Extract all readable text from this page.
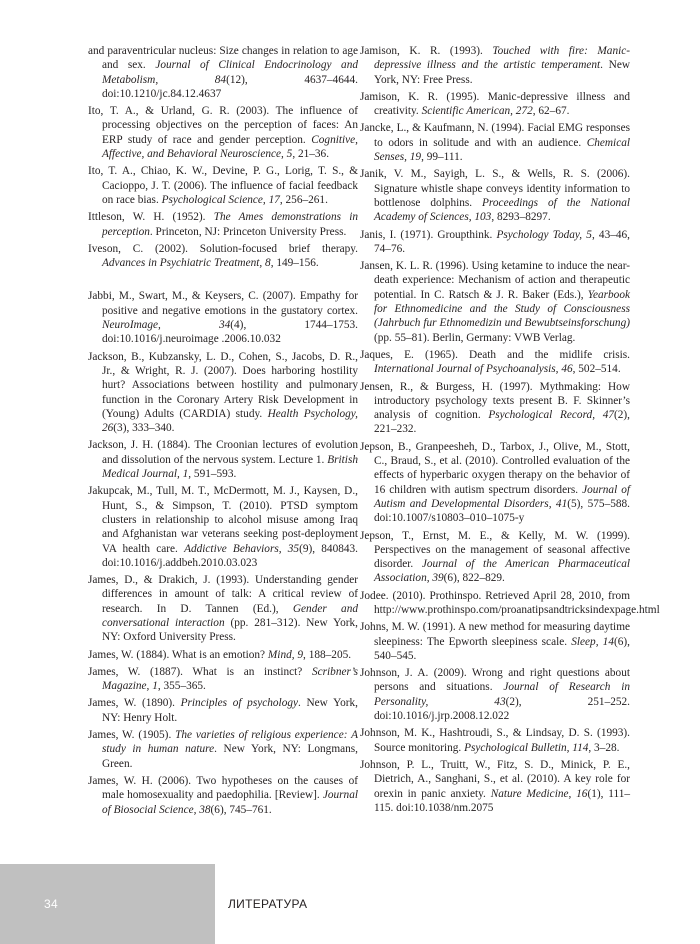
and paraventricular nucleus: Size changes in relation to age and sex. Journal of Clinical Endocrinology and Metabolism, 84(12), 4637–4644. doi:10.1210/jc.84.12.4637

Ito, T. A., & Urland, G. R. (2003). The influence of processing objectives on the perception of faces: An ERP study of race and gender perception. Cognitive, Affective, and Behavioral Neuroscience, 5, 21–36.

Ito, T. A., Chiao, K. W., Devine, P. G., Lorig, T. S., & Cacioppo, J. T. (2006). The influence of facial feedback on race bias. Psychological Science, 17, 256–261.

Ittleson, W. H. (1952). The Ames demonstrations in perception. Princeton, NJ: Princeton University Press.

Iveson, C. (2002). Solution-focused brief therapy. Advances in Psychiatric Treatment, 8, 149–156.

Jabbi, M., Swart, M., & Keysers, C. (2007). Empathy for positive and negative emotions in the gustatory cortex. NeuroImage, 34(4), 1744–1753. doi:10.1016/j.neuroimage .2006.10.032

Jackson, B., Kubzansky, L. D., Cohen, S., Jacobs, D. R., Jr., & Wright, R. J. (2007). Does harboring hostility hurt? Associations between hostility and pulmonary function in the Coronary Artery Risk Development in (Young) Adults (CARDIA) study. Health Psychology, 26(3), 333–340.

Jackson, J. H. (1884). The Croonian lectures of evolution and dissolution of the nervous system. Lecture 1. British Medical Journal, 1, 591–593.

Jakupcak, M., Tull, M. T., McDermott, M. J., Kaysen, D., Hunt, S., & Simpson, T. (2010). PTSD symptom clusters in relationship to alcohol misuse among Iraq and Afghanistan war veterans seeking post-deployment VA health care. Addictive Behaviors, 35(9), 840843. doi:10.1016/j.addbeh.2010.03.023

James, D., & Drakich, J. (1993). Understanding gender differences in amount of talk: A critical review of research. In D. Tannen (Ed.), Gender and conversational interaction (pp. 281–312). New York, NY: Oxford University Press.

James, W. (1884). What is an emotion? Mind, 9, 188–205.

James, W. (1887). What is an instinct? Scribner’s Magazine, 1, 355–365.

James, W. (1890). Principles of psychology. New York, NY: Henry Holt.

James, W. (1905). The varieties of religious experience: A study in human nature. New York, NY: Longmans, Green.

James, W. H. (2006). Two hypotheses on the causes of male homosexuality and paedophilia. [Review]. Journal of Biosocial Science, 38(6), 745–761.

Jamison, K. R. (1993). Touched with fire: Manic-depressive illness and the artistic temperament. New York, NY: Free Press.

Jamison, K. R. (1995). Manic-depressive illness and creativity. Scientific American, 272, 62–67.

Jancke, L., & Kaufmann, N. (1994). Facial EMG responses to odors in solitude and with an audience. Chemical Senses, 19, 99–111.

Janik, V. M., Sayigh, L. S., & Wells, R. S. (2006). Signature whistle shape conveys identity information to bottlenose dolphins. Proceedings of the National Academy of Sciences, 103, 8293–8297.

Janis, I. (1971). Groupthink. Psychology Today, 5, 43–46, 74–76.

Jansen, K. L. R. (1996). Using ketamine to induce the near-death experience: Mechanism of action and therapeutic potential. In C. Ratsch & J. R. Baker (Eds.), Yearbook for Ethnomedicine and the Study of Consciousness (Jahrbuch fur Ethnomedizin und Bewubtseinsforschung) (pp. 55–81). Berlin, Germany: VWB Verlag.

Jaques, E. (1965). Death and the midlife crisis. International Journal of Psychoanalysis, 46, 502–514.

Jensen, R., & Burgess, H. (1997). Mythmaking: How introductory psychology texts present B. F. Skinner’s analysis of cognition. Psychological Record, 47(2), 221–232.

Jepson, B., Granpeesheh, D., Tarbox, J., Olive, M., Stott, C., Braud, S., et al. (2010). Controlled evaluation of the effects of hyperbaric oxygen therapy on the behavior of 16 children with autism spectrum disorders. Journal of Autism and Developmental Disorders, 41(5), 575–588. doi:10.1007/s10803–010–1075-y

Jepson, T., Ernst, M. E., & Kelly, M. W. (1999). Perspectives on the management of seasonal affective disorder. Journal of the American Pharmaceutical Association, 39(6), 822–829.

Jodee. (2010). Prothinspo. Retrieved April 28, 2010, from http://www.prothinspo.com/proanatipsandtricksindexpage.html

Johns, M. W. (1991). A new method for measuring daytime sleepiness: The Epworth sleepiness scale. Sleep, 14(6), 540–545.

Johnson, J. A. (2009). Wrong and right questions about persons and situations. Journal of Research in Personality, 43(2), 251–252. doi:10.1016/j.jrp.2008.12.022

Johnson, M. K., Hashtroudi, S., & Lindsay, D. S. (1993). Source monitoring. Psychological Bulletin, 114, 3–28.

Johnson, P. L., Truitt, W., Fitz, S. D., Minick, P. E., Dietrich, A., Sanghani, S., et al. (2010). A key role for orexin in panic anxiety. Nature Medicine, 16(1), 111–115. doi:10.1038/nm.2075

34	ЛИТЕРАТУРА
